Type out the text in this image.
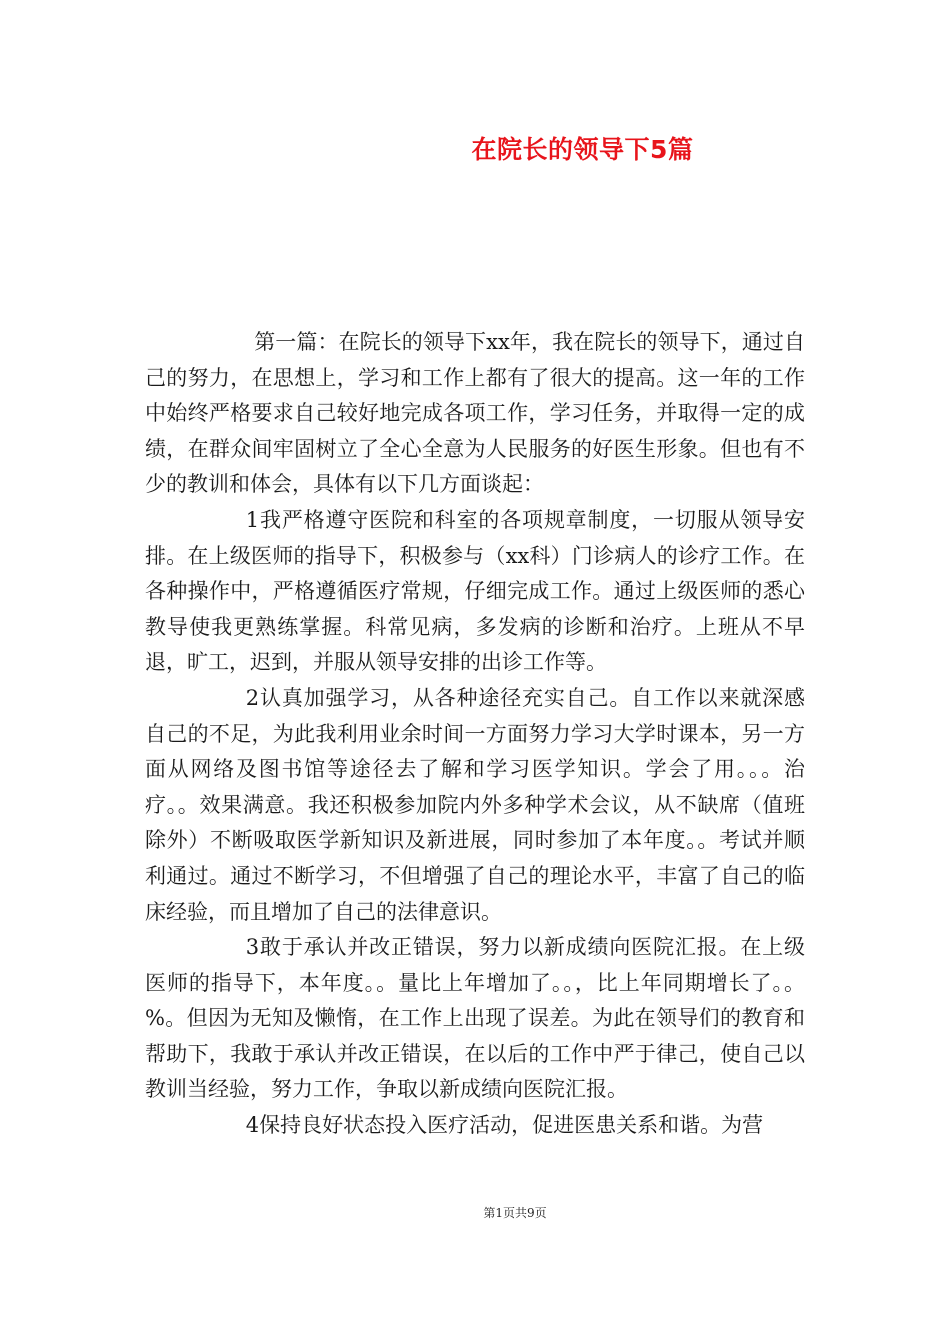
在院长的领导下5篇

第一篇：在院长的领导下xx年，我在院长的领导下，通过自己的努力，在思想上，学习和工作上都有了很大的提高。这一年的工作中始终严格要求自己较好地完成各项工作，学习任务，并取得一定的成绩，在群众间牢固树立了全心全意为人民服务的好医生形象。但也有不少的教训和体会，具体有以下几方面谈起：

1我严格遵守医院和科室的各项规章制度，一切服从领导安排。在上级医师的指导下，积极参与（xx科）门诊病人的诊疗工作。在各种操作中，严格遵循医疗常规，仔细完成工作。通过上级医师的悉心教导使我更熟练掌握。科常见病，多发病的诊断和治疗。上班从不早退，旷工，迟到，并服从领导安排的出诊工作等。

2认真加强学习，从各种途径充实自己。自工作以来就深感自己的不足，为此我利用业余时间一方面努力学习大学时课本，另一方面从网络及图书馆等途径去了解和学习医学知识。学会了用。。。治疗。。效果满意。我还积极参加院内外多种学术会议，从不缺席（值班除外）不断吸取医学新知识及新进展，同时参加了本年度。。考试并顺利通过。通过不断学习，不但增强了自己的理论水平，丰富了自己的临床经验，而且增加了自己的法律意识。

3敢于承认并改正错误，努力以新成绩向医院汇报。在上级医师的指导下，本年度。。量比上年增加了。。，比上年同期增长了。。%。但因为无知及懒惰，在工作上出现了误差。为此在领导们的教育和帮助下，我敢于承认并改正错误，在以后的工作中严于律己，使自己以教训当经验，努力工作，争取以新成绩向医院汇报。

4保持良好状态投入医疗活动，促进医患关系和谐。为营

第1页共9页
